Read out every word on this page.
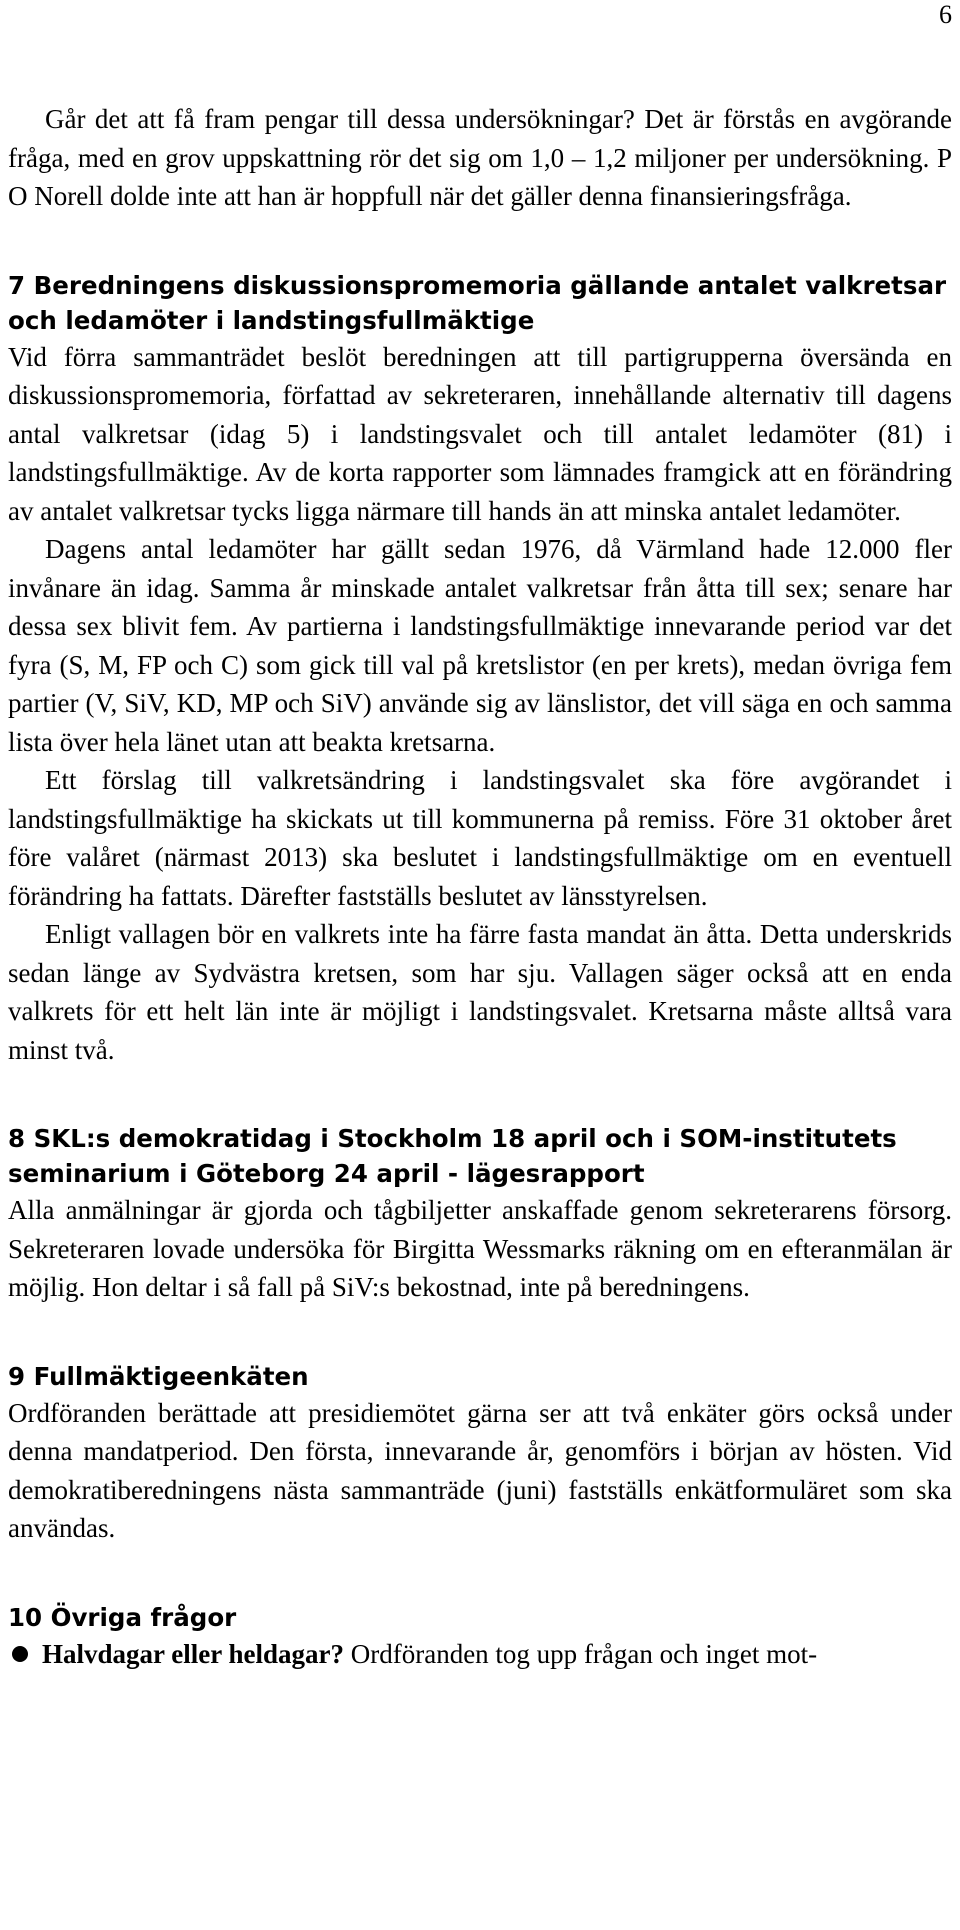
6

Går det att få fram pengar till dessa undersökningar? Det är förstås en avgörande fråga, med en grov uppskattning rör det sig om 1,0 – 1,2 miljoner per undersökning. P O Norell dolde inte att han är hoppfull när det gäller denna finansieringsfråga.

7 Beredningens diskussionspromemoria gällande antalet valkretsar och ledamöter i landstingsfullmäktige

Vid förra sammanträdet beslöt beredningen att till partigrupperna översända en diskussionspromemoria, författad av sekreteraren, innehållande alternativ till dagens antal valkretsar (idag 5) i landstingsvalet och till antalet ledamöter (81) i landstingsfullmäktige. Av de korta rapporter som lämnades framgick att en förändring av antalet valkretsar tycks ligga närmare till hands än att minska antalet ledamöter.

Dagens antal ledamöter har gällt sedan 1976, då Värmland hade 12.000 fler invånare än idag. Samma år minskade antalet valkretsar från åtta till sex; senare har dessa sex blivit fem. Av partierna i landstingsfullmäktige innevarande period var det fyra (S, M, FP och C) som gick till val på kretslistor (en per krets), medan övriga fem partier (V, SiV, KD, MP och SiV) använde sig av länslistor, det vill säga en och samma lista över hela länet utan att beakta kretsarna.

Ett förslag till valkretsändring i landstingsvalet ska före avgörandet i landstingsfullmäktige ha skickats ut till kommunerna på remiss. Före 31 oktober året före valåret (närmast 2013) ska beslutet i landstingsfullmäktige om en eventuell förändring ha fattats. Därefter fastställs beslutet av länsstyrelsen.

Enligt vallagen bör en valkrets inte ha färre fasta mandat än åtta. Detta underskrids sedan länge av Sydvästra kretsen, som har sju. Vallagen säger också att en enda valkrets för ett helt län inte är möjligt i landstingsvalet. Kretsarna måste alltså vara minst två.

8 SKL:s demokratidag i Stockholm 18 april och i SOM-institutets seminarium i Göteborg 24 april - lägesrapport

Alla anmälningar är gjorda och tågbiljetter anskaffade genom sekreterarens försorg. Sekreteraren lovade undersöka för Birgitta Wessmarks räkning om en efteranmälan är möjlig. Hon deltar i så fall på SiV:s bekostnad, inte på beredningens.

9 Fullmäktigeenkäten

Ordföranden berättade att presidiemötet gärna ser att två enkäter görs också under denna mandatperiod. Den första, innevarande år, genomförs i början av hösten. Vid demokratiberedningens nästa sammanträde (juni) fastställs enkätformuläret som ska användas.

10 Övriga frågor

Halvdagar eller heldagar? Ordföranden tog upp frågan och inget mot-
